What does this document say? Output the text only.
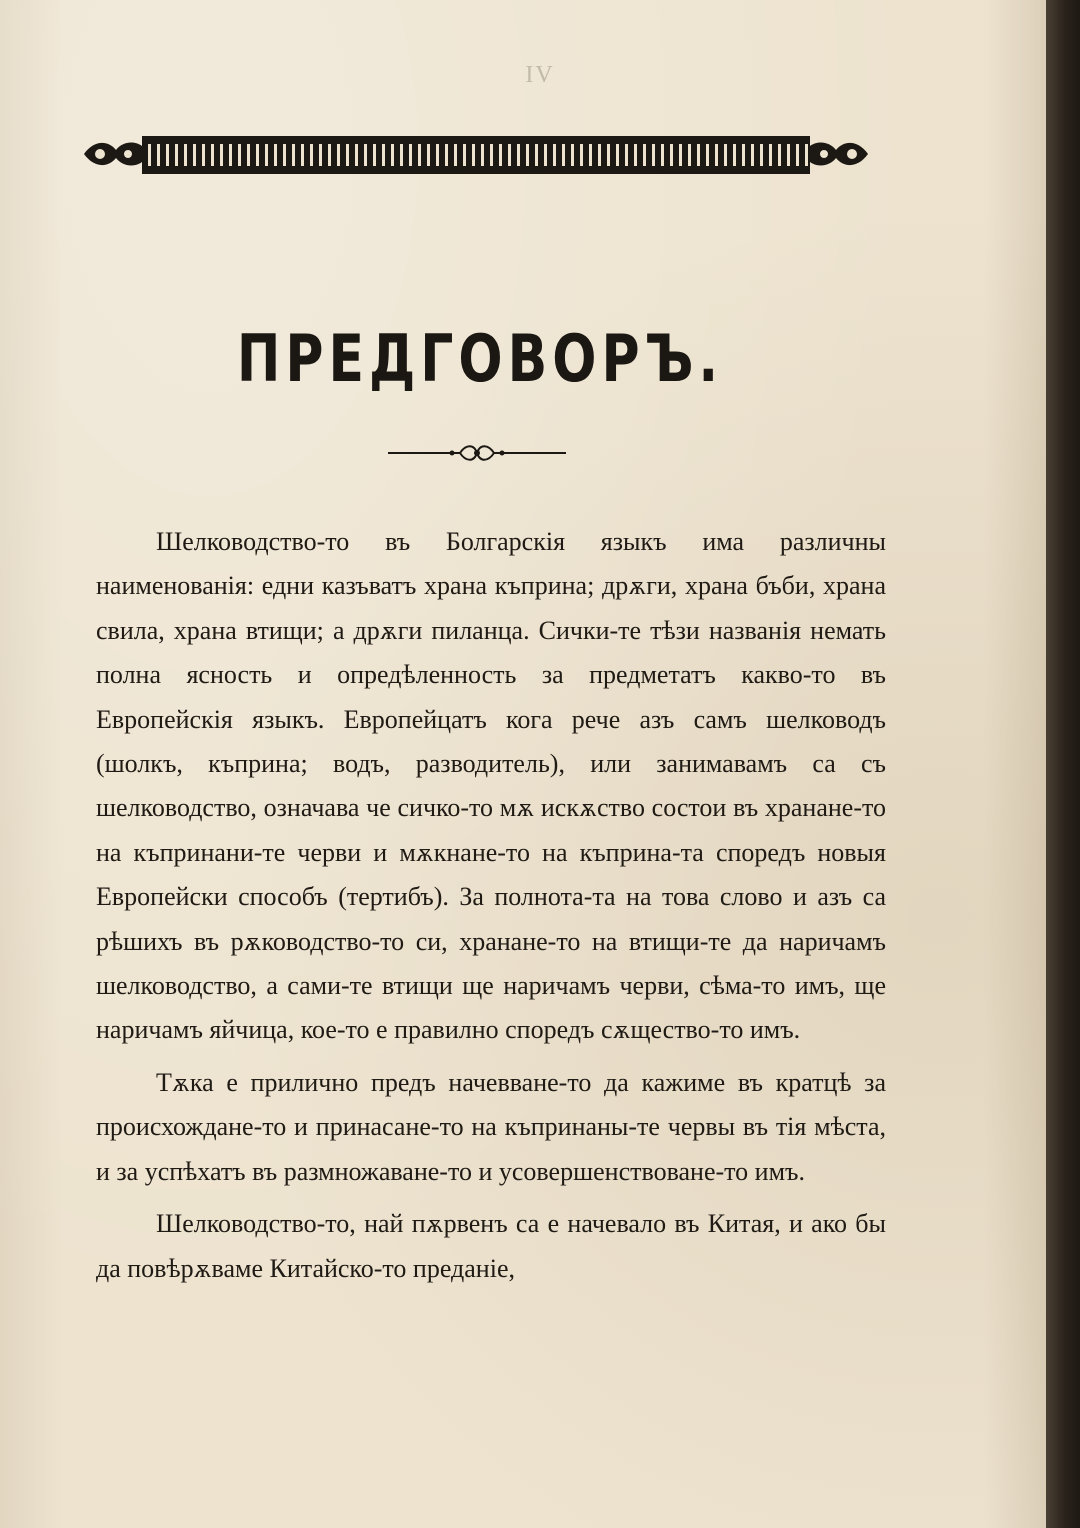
IV
ПРЕДГОВОРЪ.

Шелководство-то въ Болгарскія языкъ има различны наименованія: едни казъватъ храна къприна; дрѫги, храна бъби, храна свила, храна втищи; а дрѫги пиланца. Сички-те тѣзи названія немать полна ясность и опредѣленность за предметатъ какво-то въ Европейскія языкъ. Европейцатъ кога рече азъ самъ шелководъ (шолкъ, къприна; водъ, разводитель), или занимавамъ са съ шелководство, означава че сичко-то мѫ искѫство состои въ хранане-то на къпринани-те черви и мѫкнане-то на къприна-та споредъ новыя Европейски способъ (тертибъ). За полнота-та на това слово и азъ са рѣшихъ въ рѫководство-то си, хранане-то на втищи-те да наричамъ шелководство, а сами-те втищи ще наричамъ черви, сѣма-то имъ, ще наричамъ яйчица, кое-то е правилно споредъ сѫщество-то имъ.

Тѫка е прилично предъ начевване-то да кажиме въ кратцѣ за происхождане-то и принасане-то на къпринаны-те червы въ тія мѣста, и за успѣхатъ въ размножаване-то и усовершенствоване-то имъ.

Шелководство-то, най пѫрвенъ са е начевало въ Китая, и ако бы да повѣрѫваме Китайско-то преданіе,
